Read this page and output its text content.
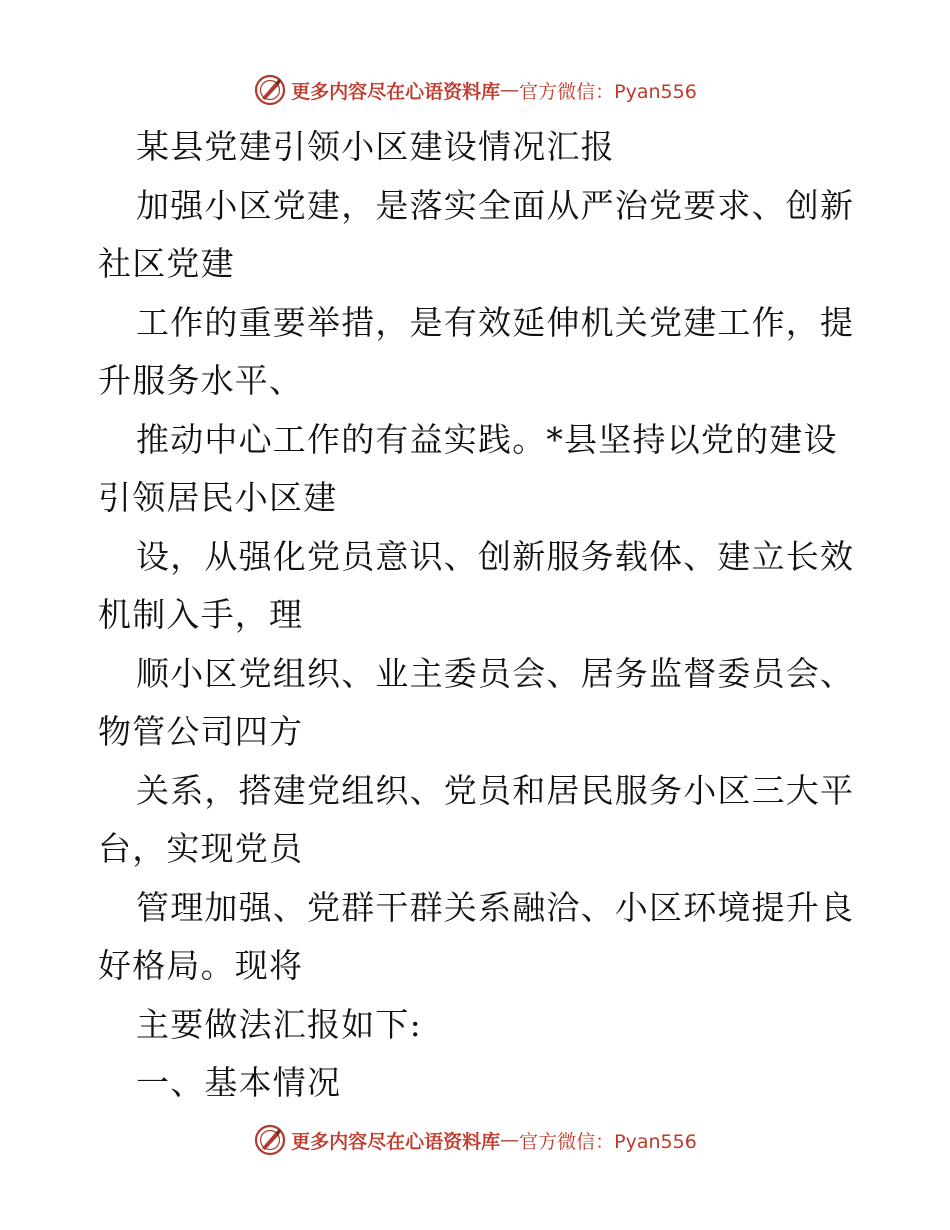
更多内容尽在心语资料库 — 官方微信：Pyan556
某县党建引领小区建设情况汇报
加强小区党建，是落实全面从严治党要求、创新
社区党建
工作的重要举措，是有效延伸机关党建工作，提
升服务水平、
推动中心工作的有益实践。*县坚持以党的建设
引领居民小区建
设，从强化党员意识、创新服务载体、建立长效
机制入手，理
顺小区党组织、业主委员会、居务监督委员会、
物管公司四方
关系，搭建党组织、党员和居民服务小区三大平
台，实现党员
管理加强、党群干群关系融洽、小区环境提升良
好格局。现将
主要做法汇报如下:
一、基本情况
更多内容尽在心语资料库 — 官方微信：Pyan556
